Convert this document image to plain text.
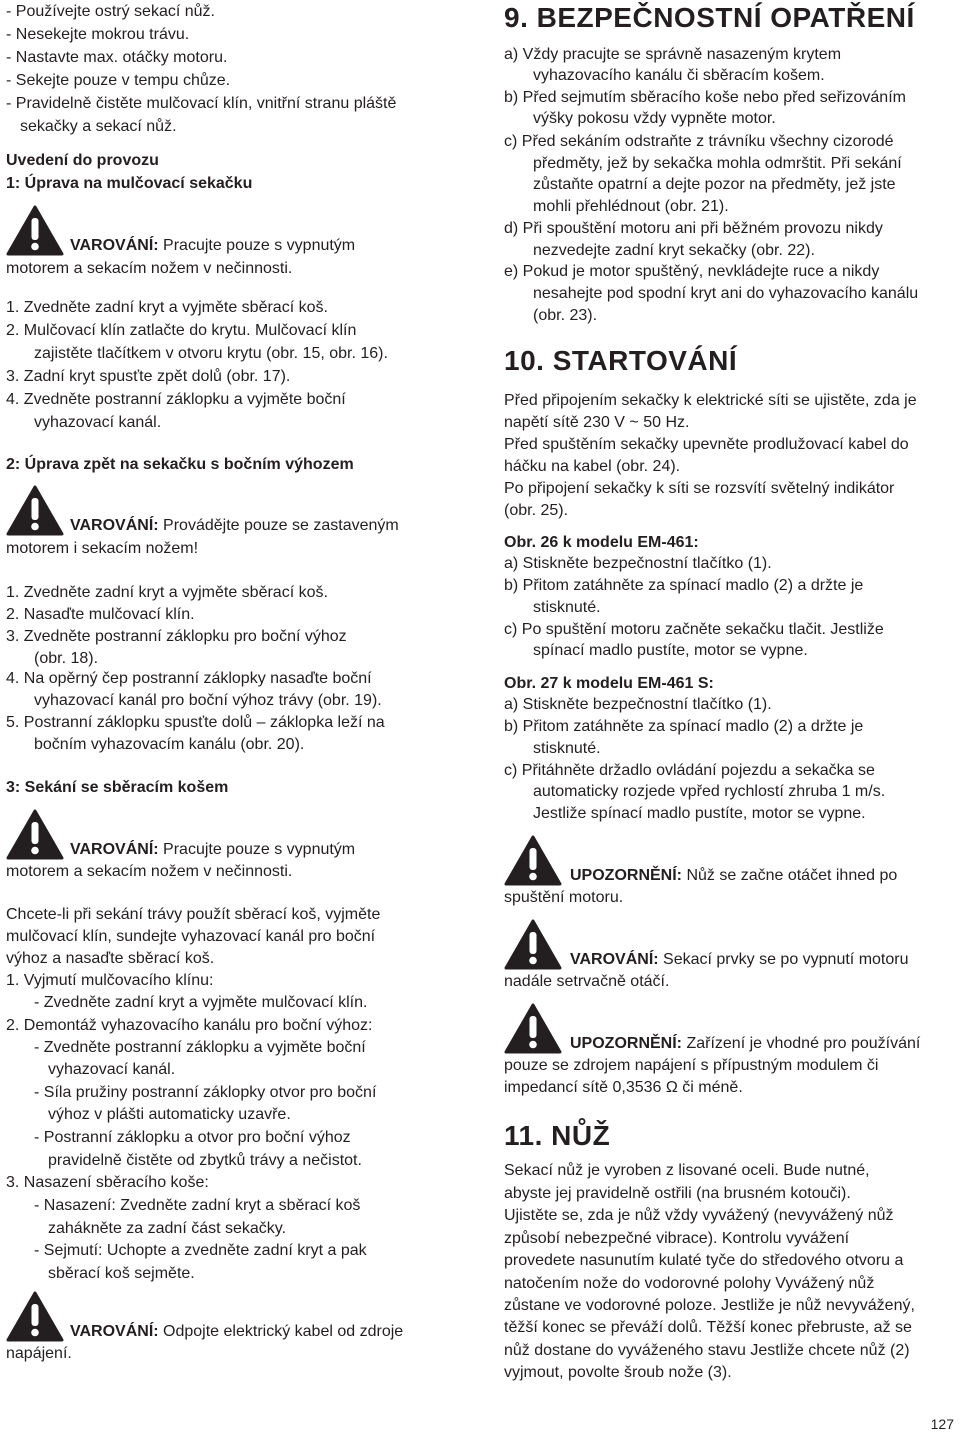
- Používejte ostrý sekací nůž.
- Nesekejte mokrou trávu.
- Nastavte max. otáčky motoru.
- Sekejte pouze v tempu chůze.
- Pravidelně čistěte mulčovací klín, vnitřní stranu pláště
sekačky a sekací nůž.
Uvedení do provozu
1: Úprava na mulčovací sekačku
VAROVÁNÍ: Pracujte pouze s vypnutým
motorem a sekacím nožem v nečinnosti.
1. Zvedněte zadní kryt a vyjměte sběrací koš.
2. Mulčovací klín zatlačte do krytu. Mulčovací klín
zajistěte tlačítkem v otvoru krytu (obr. 15, obr. 16).
3. Zadní kryt spusťte zpět dolů (obr. 17).
4. Zvedněte postranní záklopku a vyjměte boční
vyhazovací kanál.
2: Úprava zpět na sekačku s bočním výhozem
VAROVÁNÍ: Provádějte pouze se zastaveným
motorem i sekacím nožem!
1. Zvedněte zadní kryt a vyjměte sběrací koš.
2. Nasaďte mulčovací klín.
3. Zvedněte postranní záklopku pro boční výhoz
(obr. 18).
4. Na opěrný čep postranní záklopky nasaďte boční
vyhazovací kanál pro boční výhoz trávy (obr. 19).
5. Postranní záklopku spusťte dolů – záklopka leží na
bočním vyhazovacím kanálu (obr. 20).
3: Sekání se sběracím košem
VAROVÁNÍ: Pracujte pouze s vypnutým
motorem a sekacím nožem v nečinnosti.
Chcete-li při sekání trávy použít sběrací koš, vyjměte
mulčovací klín, sundejte vyhazovací kanál pro boční
výhoz a nasaďte sběrací koš.
1. Vyjmutí mulčovacího klínu:
- Zvedněte zadní kryt a vyjměte mulčovací klín.
2. Demontáž vyhazovacího kanálu pro boční výhoz:
- Zvedněte postranní záklopku a vyjměte boční
vyhazovací kanál.
- Síla pružiny postranní záklopky otvor pro boční
výhoz v plášti automaticky uzavře.
- Postranní záklopku a otvor pro boční výhoz
pravidelně čistěte od zbytků trávy a nečistot.
3. Nasazení sběracího koše:
- Nasazení: Zvedněte zadní kryt a sběrací koš
zahákněte za zadní část sekačky.
- Sejmutí: Uchopte a zvedněte zadní kryt a pak
sběrací koš sejměte.
VAROVÁNÍ: Odpojte elektrický kabel od zdroje
napájení.
9. BEZPEČNOSTNÍ OPATŘENÍ
a) Vždy pracujte se správně nasazeným krytem
vyhazovacího kanálu či sběracím košem.
b) Před sejmutím sběracího koše nebo před seřizováním
výšky pokosu vždy vypněte motor.
c) Před sekáním odstraňte z trávníku všechny cizorodé
předměty, jež by sekačka mohla odmrštit. Při sekání
zůstaňte opatrní a dejte pozor na předměty, jež jste
mohli přehlédnout (obr. 21).
d) Při spouštění motoru ani při běžném provozu nikdy
nezvedejte zadní kryt sekačky (obr. 22).
e) Pokud je motor spuštěný, nevkládejte ruce a nikdy
nesahejte pod spodní kryt ani do vyhazovacího kanálu
(obr. 23).
10. STARTOVÁNÍ
Před připojením sekačky k elektrické síti se ujistěte, zda je
napětí sítě 230 V ~ 50 Hz.
Před spuštěním sekačky upevněte prodlužovací kabel do
háčku na kabel (obr. 24).
Po připojení sekačky k síti se rozsvítí světelný indikátor
(obr. 25).
Obr. 26 k modelu EM-461:
a) Stiskněte bezpečnostní tlačítko (1).
b) Přitom zatáhněte za spínací madlo (2) a držte je
stisknuté.
c) Po spuštění motoru začněte sekačku tlačit. Jestliže
spínací madlo pustíte, motor se vypne.
Obr. 27 k modelu EM-461 S:
a) Stiskněte bezpečnostní tlačítko (1).
b) Přitom zatáhněte za spínací madlo (2) a držte je
stisknuté.
c) Přitáhněte držadlo ovládání pojezdu a sekačka se
automaticky rozjede vpřed rychlostí zhruba 1 m/s.
Jestliže spínací madlo pustíte, motor se vypne.
UPOZORNĚNÍ: Nůž se začne otáčet ihned po
spuštění motoru.
VAROVÁNÍ: Sekací prvky se po vypnutí motoru
nadále setrvačně otáčí.
UPOZORNĚNÍ: Zařízení je vhodné pro používání
pouze se zdrojem napájení s přípustným modulem či
impedancí sítě 0,3536 Ω či méně.
11. NŮŽ
Sekací nůž je vyroben z lisované oceli. Bude nutné,
abyste jej pravidelně ostřili (na brusném kotouči).
Ujistěte se, zda je nůž vždy vyvážený (nevyvážený nůž
způsobí nebezpečné vibrace). Kontrolu vyvážení
provedete nasunutím kulaté tyče do středového otvoru a
natočením nože do vodorovné polohy Vyvážený nůž
zůstane ve vodorovné poloze. Jestliže je nůž nevyvážený,
těžší konec se převáží dolů. Těžší konec přebruste, až se
nůž dostane do vyváženého stavu Jestliže chcete nůž (2)
vyjmout, povolte šroub nože (3).
127
